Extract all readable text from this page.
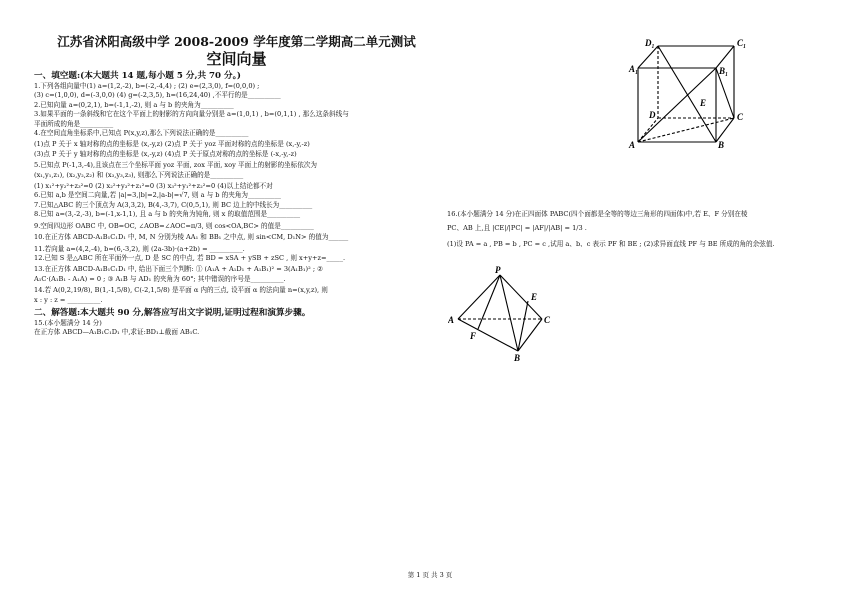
江苏省沭阳高级中学 2008-2009 学年度第二学期高二单元测试

空间向量

一、填空题:(本大题共 14 题,每小题 5 分,共 70 分。)

1.下列各组向量中(1) a=(1,2,-2), b=(-2,-4,4) ; (2) e=(2,3,0), f=(0,0,0) ;

(3) c=(1,0,0), d=(-3,0,0) (4) g=(-2,3,5), h=(16,24,40) ,不平行的是__________

2.已知向量 a=(0,2,1), b=(-1,1,-2), 则 a 与 b 的夹角为__________

3.如果平面的一条斜线和它在这个平面上的射影的方向向量分别是 a=(1,0,1) , b=(0,1,1) , 那么这条斜线与

平面所成的角是__________

4.在空间直角坐标系中,已知点 P(x,y,z),那么下列说法正确的是__________

(1)点 P 关于 x 轴对称的点的坐标是 (x,-y,z) (2)点 P 关于 yoz 平面对称的点的坐标是 (x,-y,-z)

(3)点 P 关于 y 轴对称的点的坐标是 (x,-y,z) (4)点 P 关于原点对称的点的坐标是 (-x,-y,-z)

5.已知点 P(-1,3,-4),且该点在三个坐标平面 yoz 平面, zox 平面, xoy 平面上的射影的坐标依次为

(x₁,y₁,z₁), (x₂,y₂,z₂) 和 (x₃,y₃,z₃), 则那么下列说法正确的是__________

(1) x₁²+y₂²+z₃²=0 (2) x₂²+y₃²+z₁²=0 (3) x₃²+y₁²+z₂²=0 (4)以上结论都不对

6.已知 a,b 是空间二向量,若 |a|=3,|b|=2,|a-b|=√7, 则 a 与 b 的夹角为__________

7.已知△ABC 的三个顶点为 A(3,3,2), B(4,-3,7), C(0,5,1), 则 BC 边上的中线长为__________

8.已知 a=(3,-2,-3), b=(-1,x-1,1), 且 a 与 b 的夹角为钝角, 则 x 的取值范围是__________

9.空间四边形 OABC 中, OB=OC, ∠AOB=∠AOC=π/3, 则 cos<OA,BC> 的值是__________

10.在正方体 ABCD-A₁B₁C₁D₁ 中, M, N 分别为棱 AA₁ 和 BB₁ 之中点, 则 sin<CM, D₁N> 的值为______

11.若向量 a=(4,2,-4), b=(6,-3,2), 则 (2a-3b)·(a+2b) = __________.

12.已知 S 是△ABC 所在平面外一点, D 是 SC 的中点, 若 BD = xSA + ySB + zSC , 则 x+y+z=_____.

13.在正方体 ABCD-A₁B₁C₁D₁ 中, 给出下面三个判断: ① (A₁A + A₁D₁ + A₁B₁)² = 3(A₁B₁)² ; ②

A₁C·(A₁B₁ - A₁A) = 0 ; ③ A₁B 与 AD₁ 的夹角为 60°; 其中错误的序号是__________.

14.若 A(0,2,19/8), B(1,-1,5/8), C(-2,1,5/8) 是平面 α 内的三点, 设平面 α 的法向量 n=(x,y,z), 则

x : y : z = __________.

二、解答题:本大题共 90 分,解答应写出文字说明,证明过程和演算步骤。

15.(本小题满分 14 分)

在正方体 ABCD—A₁B₁C₁D₁ 中,求证:BD₁⊥截面 AB₁C.

D₁	C₁
A₁	B₁
E
D	C
A	B

16.(本小题满分 14 分)在正四面体 PABC(四个面都是全等的等边三角形的四面体)中,若 E、F 分别在棱

PC、AB 上,且 |CE|/|PC| = |AF|/|AB| = 1/3 .

(1)设 PA = a , PB = b , PC = c ,试用 a、b、c 表示 PF 和 BE ; (2)求异面直线 PF 与 BE 所成的角的余弦值.

P
A	C
E
F
B
第 1 页 共 3 页
